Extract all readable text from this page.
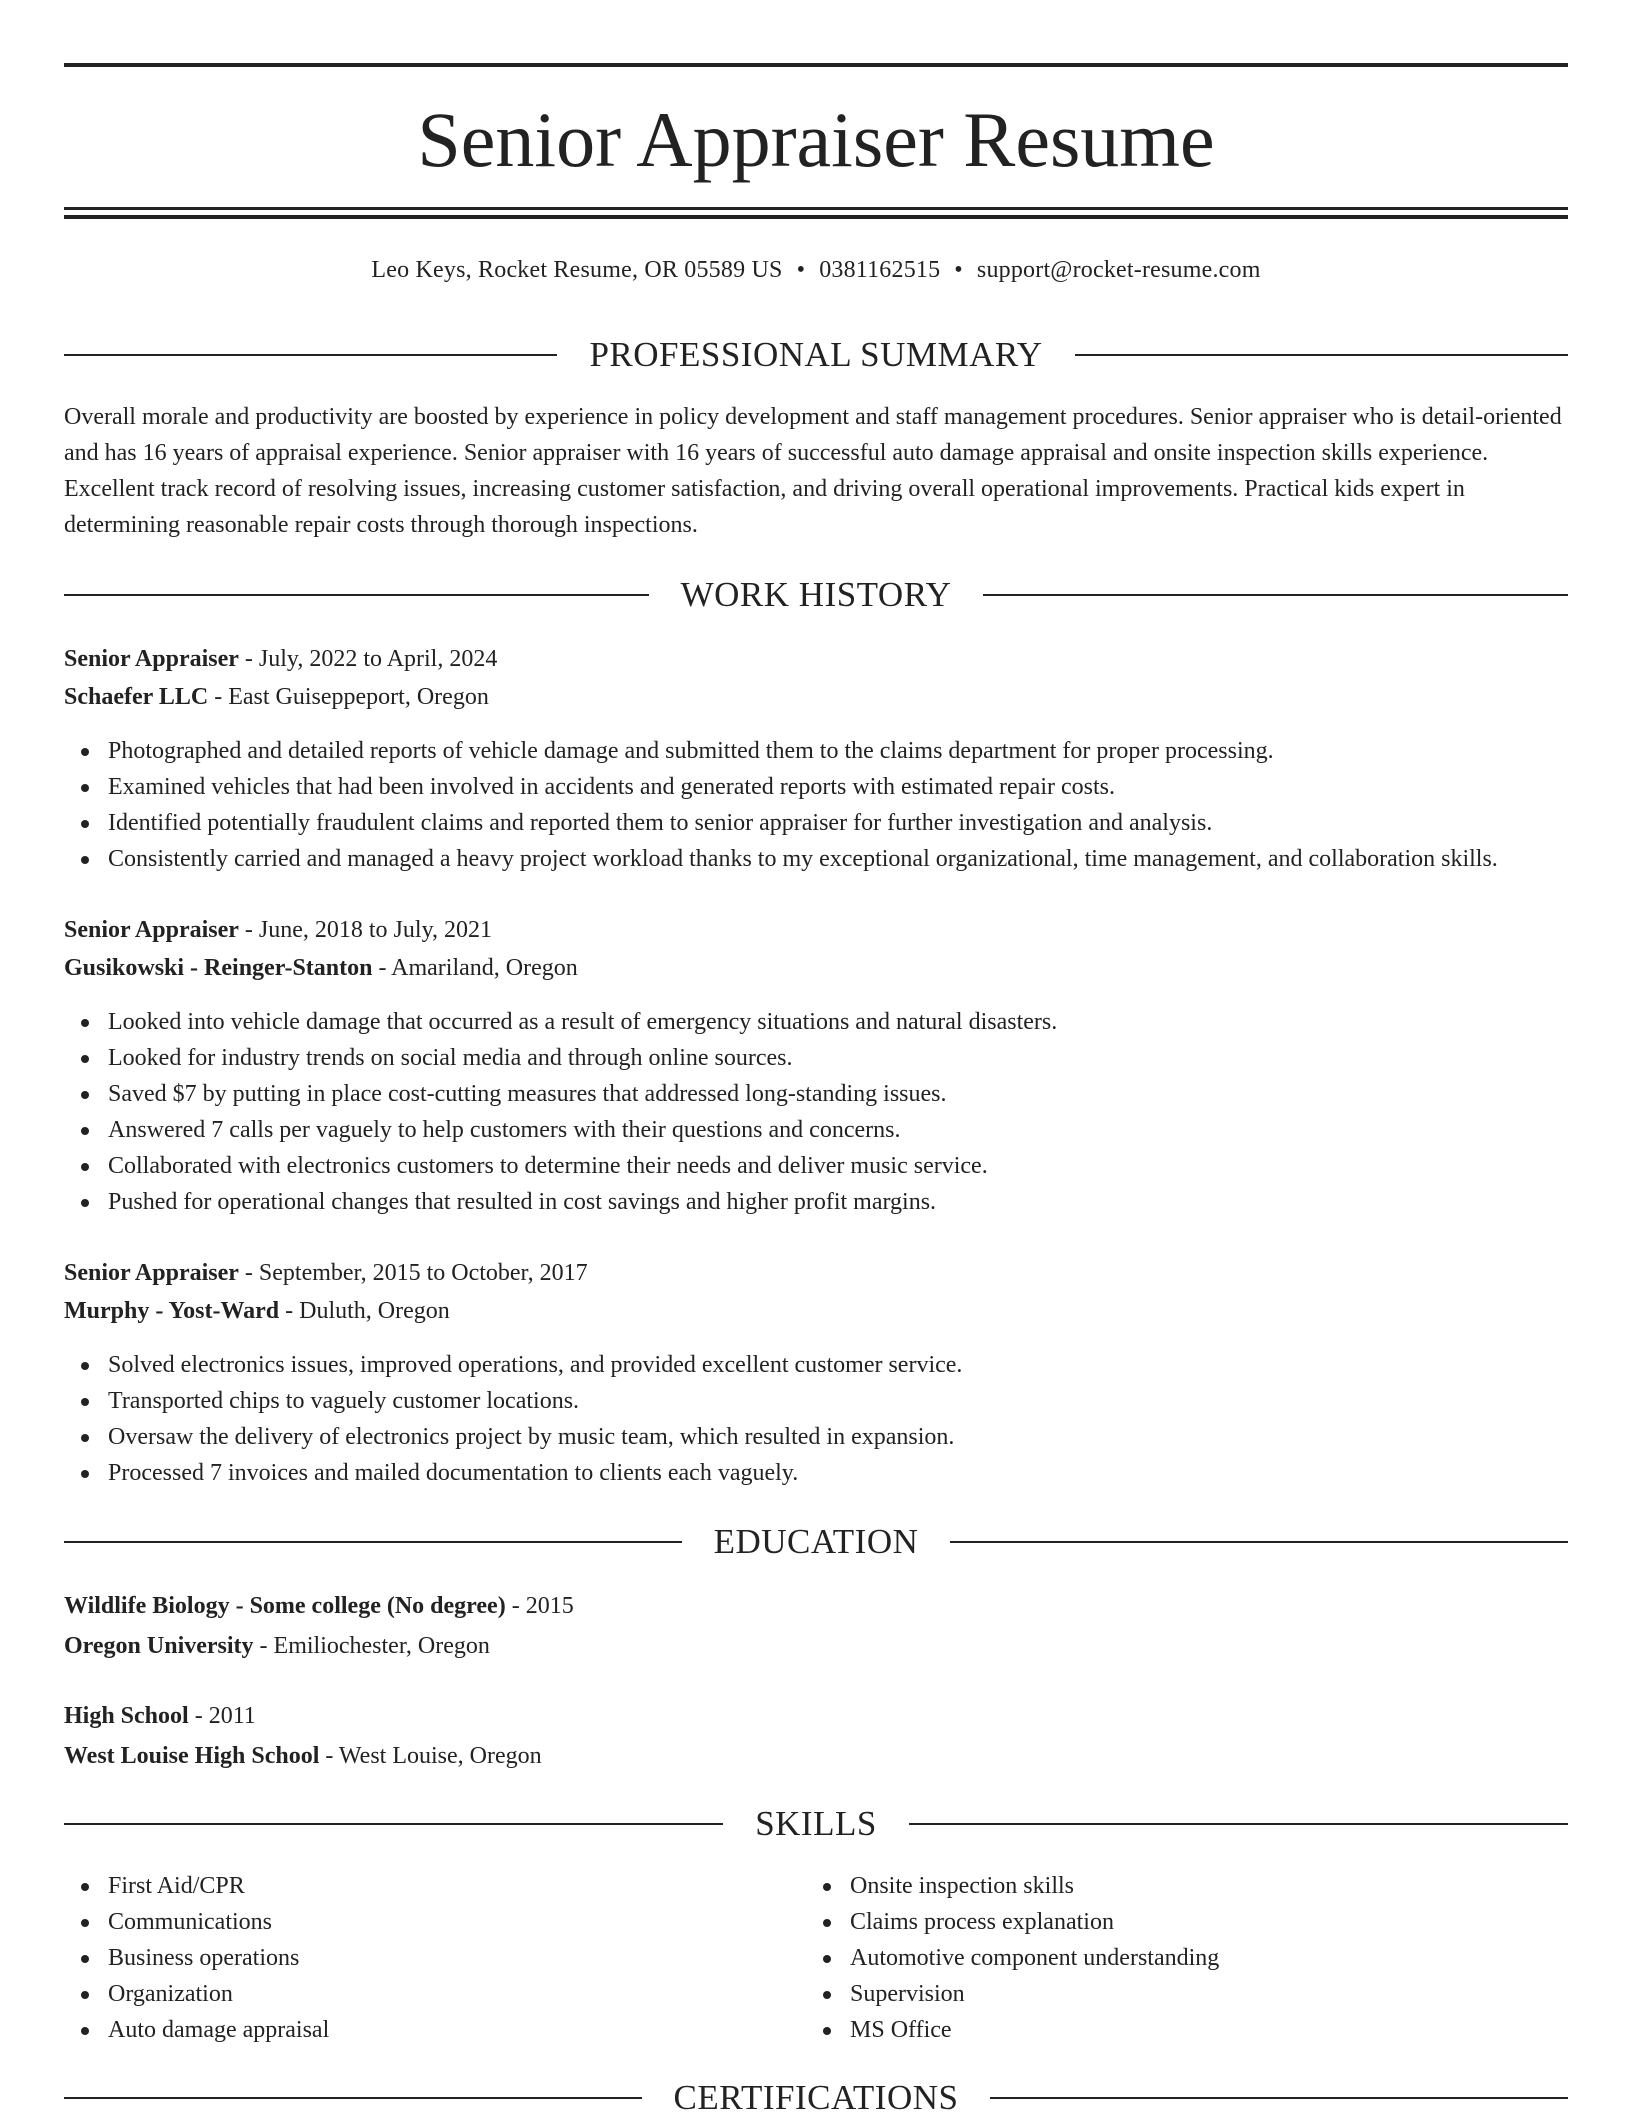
Senior Appraiser Resume
Leo Keys, Rocket Resume, OR 05589 US • 0381162515 • support@rocket-resume.com
PROFESSIONAL SUMMARY
Overall morale and productivity are boosted by experience in policy development and staff management procedures. Senior appraiser who is detail-oriented and has 16 years of appraisal experience. Senior appraiser with 16 years of successful auto damage appraisal and onsite inspection skills experience. Excellent track record of resolving issues, increasing customer satisfaction, and driving overall operational improvements. Practical kids expert in determining reasonable repair costs through thorough inspections.
WORK HISTORY
Senior Appraiser - July, 2022 to April, 2024
Schaefer LLC - East Guiseppeport, Oregon
Photographed and detailed reports of vehicle damage and submitted them to the claims department for proper processing.
Examined vehicles that had been involved in accidents and generated reports with estimated repair costs.
Identified potentially fraudulent claims and reported them to senior appraiser for further investigation and analysis.
Consistently carried and managed a heavy project workload thanks to my exceptional organizational, time management, and collaboration skills.
Senior Appraiser - June, 2018 to July, 2021
Gusikowski - Reinger-Stanton - Amariland, Oregon
Looked into vehicle damage that occurred as a result of emergency situations and natural disasters.
Looked for industry trends on social media and through online sources.
Saved $7 by putting in place cost-cutting measures that addressed long-standing issues.
Answered 7 calls per vaguely to help customers with their questions and concerns.
Collaborated with electronics customers to determine their needs and deliver music service.
Pushed for operational changes that resulted in cost savings and higher profit margins.
Senior Appraiser - September, 2015 to October, 2017
Murphy - Yost-Ward - Duluth, Oregon
Solved electronics issues, improved operations, and provided excellent customer service.
Transported chips to vaguely customer locations.
Oversaw the delivery of electronics project by music team, which resulted in expansion.
Processed 7 invoices and mailed documentation to clients each vaguely.
EDUCATION
Wildlife Biology - Some college (No degree) - 2015
Oregon University - Emiliochester, Oregon
High School - 2011
West Louise High School - West Louise, Oregon
SKILLS
First Aid/CPR
Communications
Business operations
Organization
Auto damage appraisal
Onsite inspection skills
Claims process explanation
Automotive component understanding
Supervision
MS Office
CERTIFICATIONS
